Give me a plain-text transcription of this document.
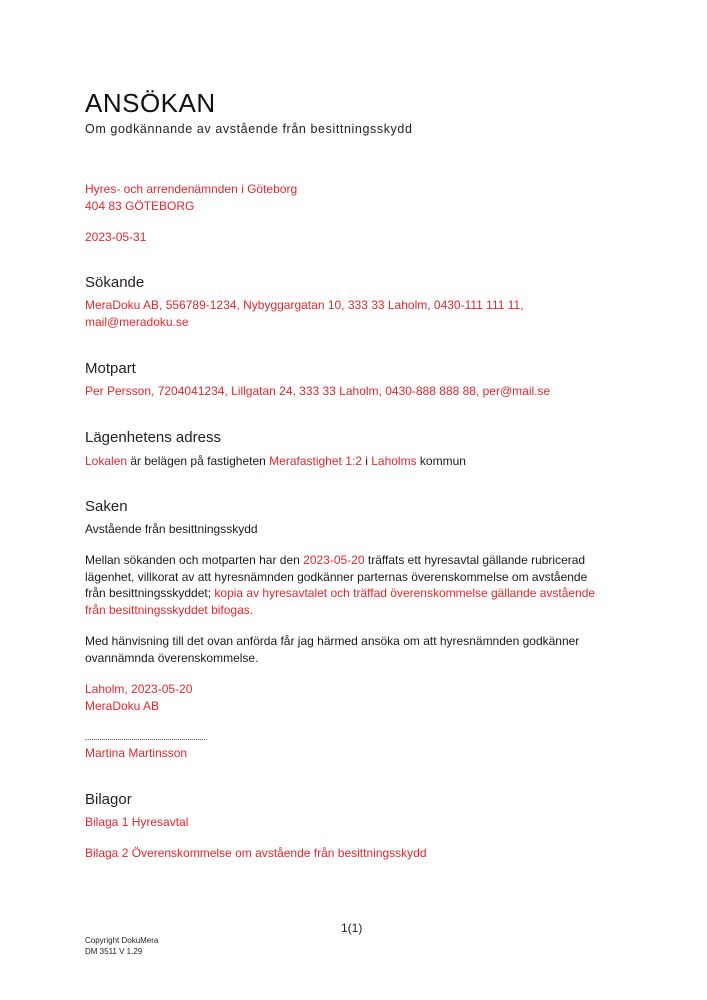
ANSÖKAN

Om godkännande av avstående från besittningsskydd

Hyres- och arrendenämnden i Göteborg
404 83 GÖTEBORG
2023-05-31
Sökande
MeraDoku AB, 556789-1234, Nybyggargatan 10, 333 33 Laholm, 0430-111 111 11,
mail@meradoku.se
Motpart
Per Persson, 7204041234, Lillgatan 24, 333 33 Laholm, 0430-888 888 88, per@mail.se
Lägenhetens adress
Lokalen är belägen på fastigheten Merafastighet 1:2 i Laholms kommun
Saken
Avstående från besittningsskydd
Mellan sökanden och motparten har den 2023-05-20 träffats ett hyresavtal gällande rubricerad
lägenhet, villkorat av att hyresnämnden godkänner parternas överenskommelse om avstående
från besittningsskyddet; kopia av hyresavtalet och träffad överenskommelse gällande avstående
från besittningsskyddet bifogas.
Med hänvisning till det ovan anförda får jag härmed ansöka om att hyresnämnden godkänner
ovannämnda överenskommelse.
Laholm, 2023-05-20
MeraDoku AB
.............................................................
Martina Martinsson
Bilagor
Bilaga 1 Hyresavtal
Bilaga 2 Överenskommelse om avstående från besittningsskydd
1(1)
Copyright DokuMera
DM 3511 V 1.29
